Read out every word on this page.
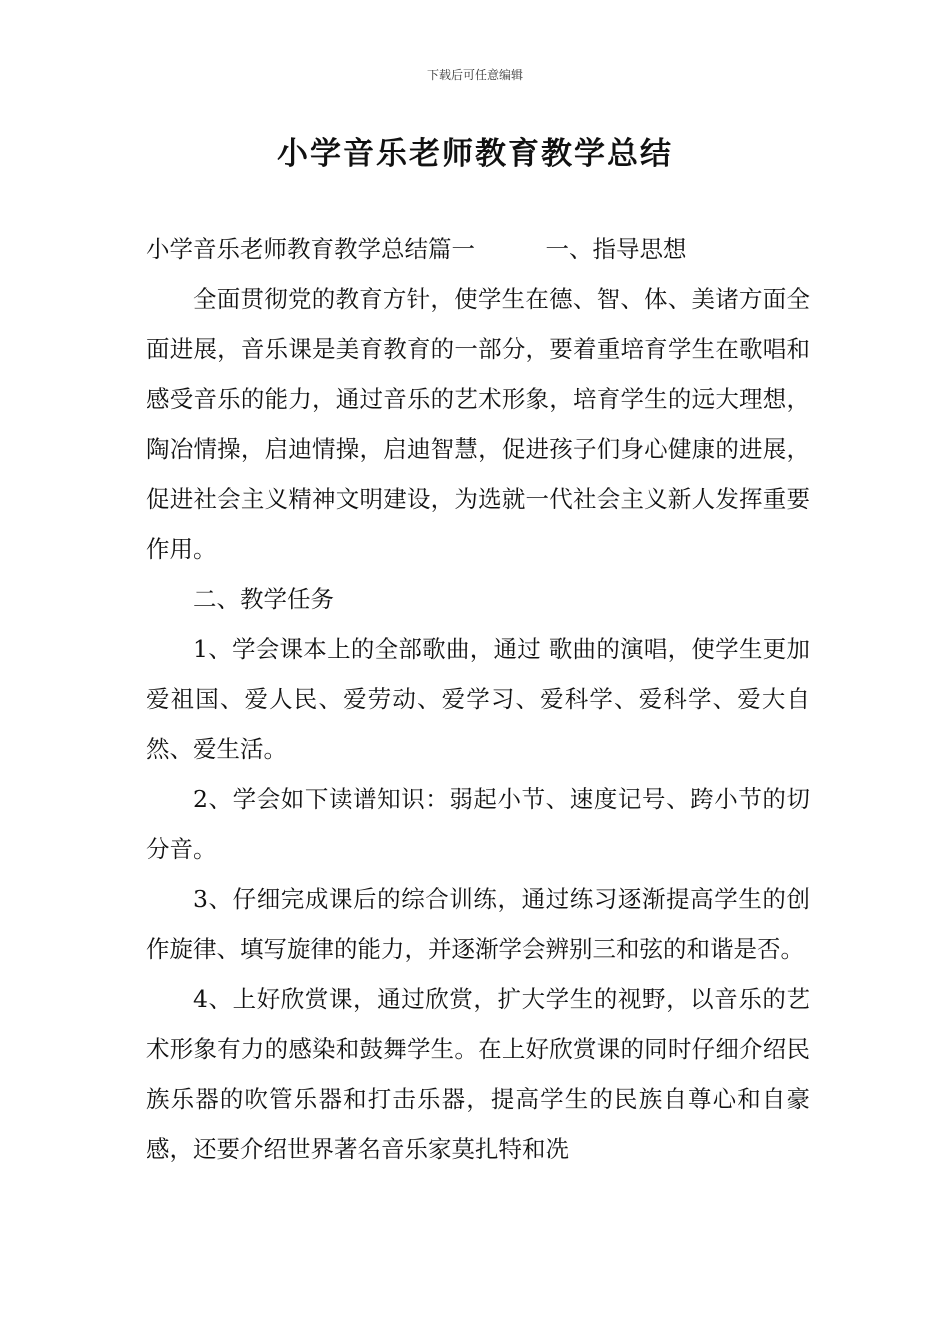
下载后可任意编辑
小学音乐老师教育教学总结

小学音乐老师教育教学总结篇一　　　一、指导思想

全面贯彻党的教育方针，使学生在德、智、体、美诸方面全面进展，音乐课是美育教育的一部分，要着重培育学生在歌唱和感受音乐的能力，通过音乐的艺术形象，培育学生的远大理想，陶冶情操，启迪情操，启迪智慧，促进孩子们身心健康的进展，促进社会主义精神文明建设，为选就一代社会主义新人发挥重要作用。

二、教学任务

1、学会课本上的全部歌曲，通过 歌曲的演唱，使学生更加爱祖国、爱人民、爱劳动、爱学习、爱科学、爱科学、爱大自然、爱生活。

2、学会如下读谱知识：弱起小节、速度记号、跨小节的切分音。

3、仔细完成课后的综合训练，通过练习逐渐提高学生的创作旋律、填写旋律的能力，并逐渐学会辨别三和弦的和谐是否。

4、上好欣赏课，通过欣赏，扩大学生的视野，以音乐的艺术形象有力的感染和鼓舞学生。在上好欣赏课的同时仔细介绍民族乐器的吹管乐器和打击乐器，提高学生的民族自尊心和自豪感，还要介绍世界著名音乐家莫扎特和冼
